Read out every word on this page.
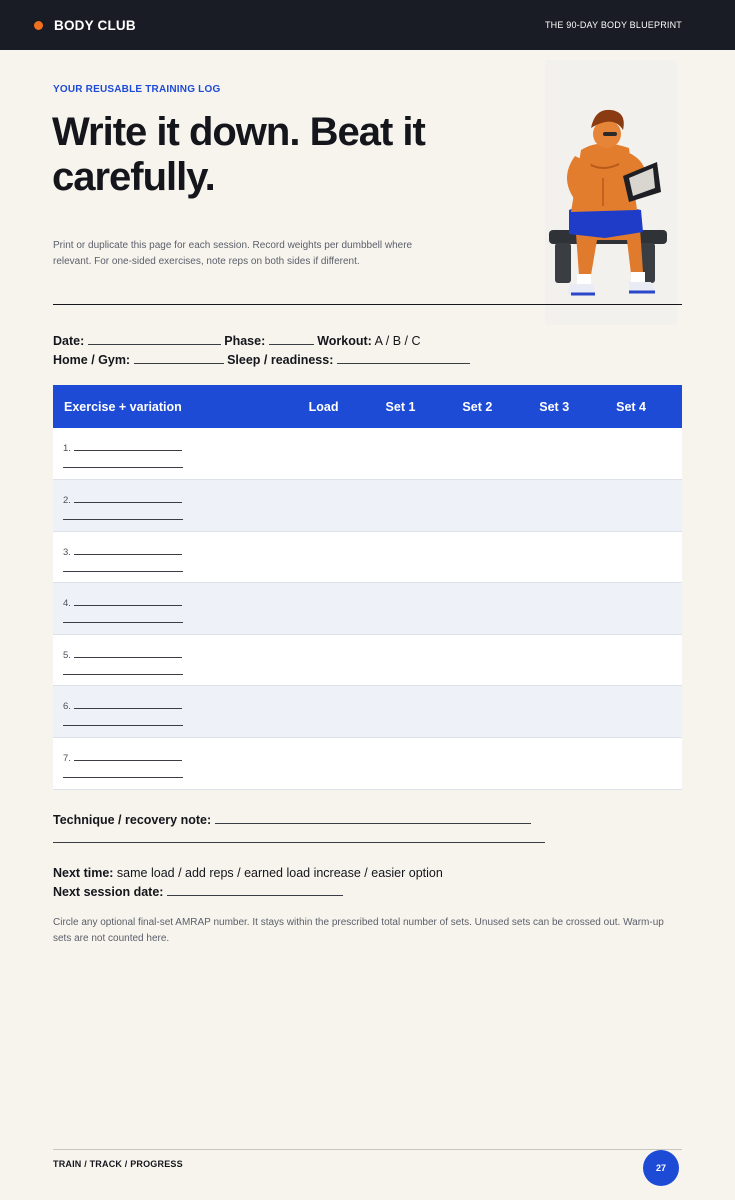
BODY CLUB	THE 90-DAY BODY BLUEPRINT
YOUR REUSABLE TRAINING LOG
Write it down. Beat it carefully.

Print or duplicate this page for each session. Record weights per dumbbell where relevant. For one-sided exercises, note reps on both sides if different.

Date:	Phase:	Workout: A / B / C
Home / Gym:	Sleep / readiness:
Exercise + variation	Load	Set 1	Set 2	Set 3	Set 4
1.

2.

3.

4.

5.

6.

7.

Technique / recovery note:
Next time: same load / add reps / earned load increase / easier option
Next session date:

Circle any optional final-set AMRAP number. It stays within the prescribed total number of sets. Unused sets can be crossed out. Warm-up sets are not counted here.

TRAIN / TRACK / PROGRESS	27
